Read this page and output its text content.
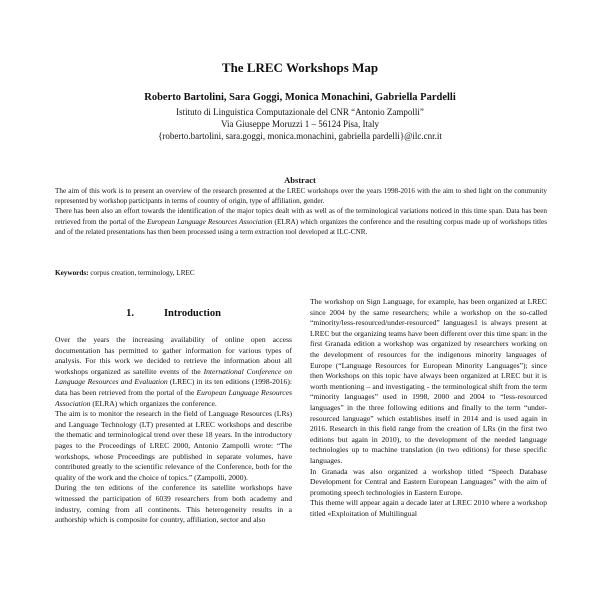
The LREC Workshops Map
Roberto Bartolini, Sara Goggi, Monica Monachini, Gabriella Pardelli
Istituto di Linguistica Computazionale del CNR “Antonio Zampolli”
Via Giuseppe Moruzzi 1 – 56124 Pisa, Italy
{roberto.bartolini, sara.goggi, monica.monachini, gabriella pardelli}@ilc.cnr.it
Abstract

The aim of this work is to present an overview of the research presented at the LREC workshops over the years 1998-2016 with the aim to shed light on the community represented by workshop participants in terms of country of origin, type of affiliation, gender.

There has been also an effort towards the identification of the major topics dealt with as well as of the terminological variations noticed in this time span. Data has been retrieved from the portal of the European Language Resources Association (ELRA) which organizes the conference and the resulting corpus made up of workshops titles and of the related presentations has then been processed using a term extraction tool developed at ILC-CNR.

Keywords: corpus creation, terminology, LREC
1.	Introduction

Over the years the increasing availability of online open access documentation has permitted to gather information for various types of analysis. For this work we decided to retrieve the information about all workshops organized as satellite events of the International Conference on Language Resources and Evaluation (LREC) in its ten editions (1998-2016): data has been retrieved from the portal of the European Language Resources Association (ELRA) which organizes the conference.

The aim is to monitor the research in the field of Language Resources (LRs) and Language Technology (LT) presented at LREC workshops and describe the thematic and terminological trend over these 18 years. In the introductory pages to the Proceedings of LREC 2000, Antonio Zampolli wrote: “The workshops, whose Proceedings are published in separate volumes, have contributed greatly to the scientific relevance of the Conference, both for the quality of the work and the choice of topics.” (Zampolli, 2000).

During the ten editions of the conference its satellite workshops have witnessed the participation of 6039 researchers from both academy and industry, coming from all continents. This heterogeneity results in a authorship which is composite for country, affiliation, sector and also

The workshop on Sign Language, for example, has been organized at LREC since 2004 by the same researchers; while a workshop on the so-called “minority/less-resourced/under-resourced” languages1 is always present at LREC but the organizing teams have been different over this time span: in the first Granada edition a workshop was organized by researchers working on the development of resources for the indigenous minority languages of Europe (“Language Resources for European Minority Languages”); since then Workshops on this topic have always been organized at LREC but it is worth mentioning – and investigating - the terminological shift from the term “minority languages” used in 1998, 2000 and 2004 to “less-resourced languages” in the three following editions and finally to the term “under-resourced language” which establishes itself in 2014 and is used again in 2016. Research in this field range from the creation of LRs (in the first two editions but again in 2010), to the development of the needed language technologies up to machine translation (in two editions) for these specific languages.

In Granada was also organized a workshop titled “Speech Database Development for Central and Eastern European Languages” with the aim of promoting speech technologies in Eastern Europe.

This theme will appear again a decade later at LREC 2010 where a workshop titled «Exploitation of Multilingual
